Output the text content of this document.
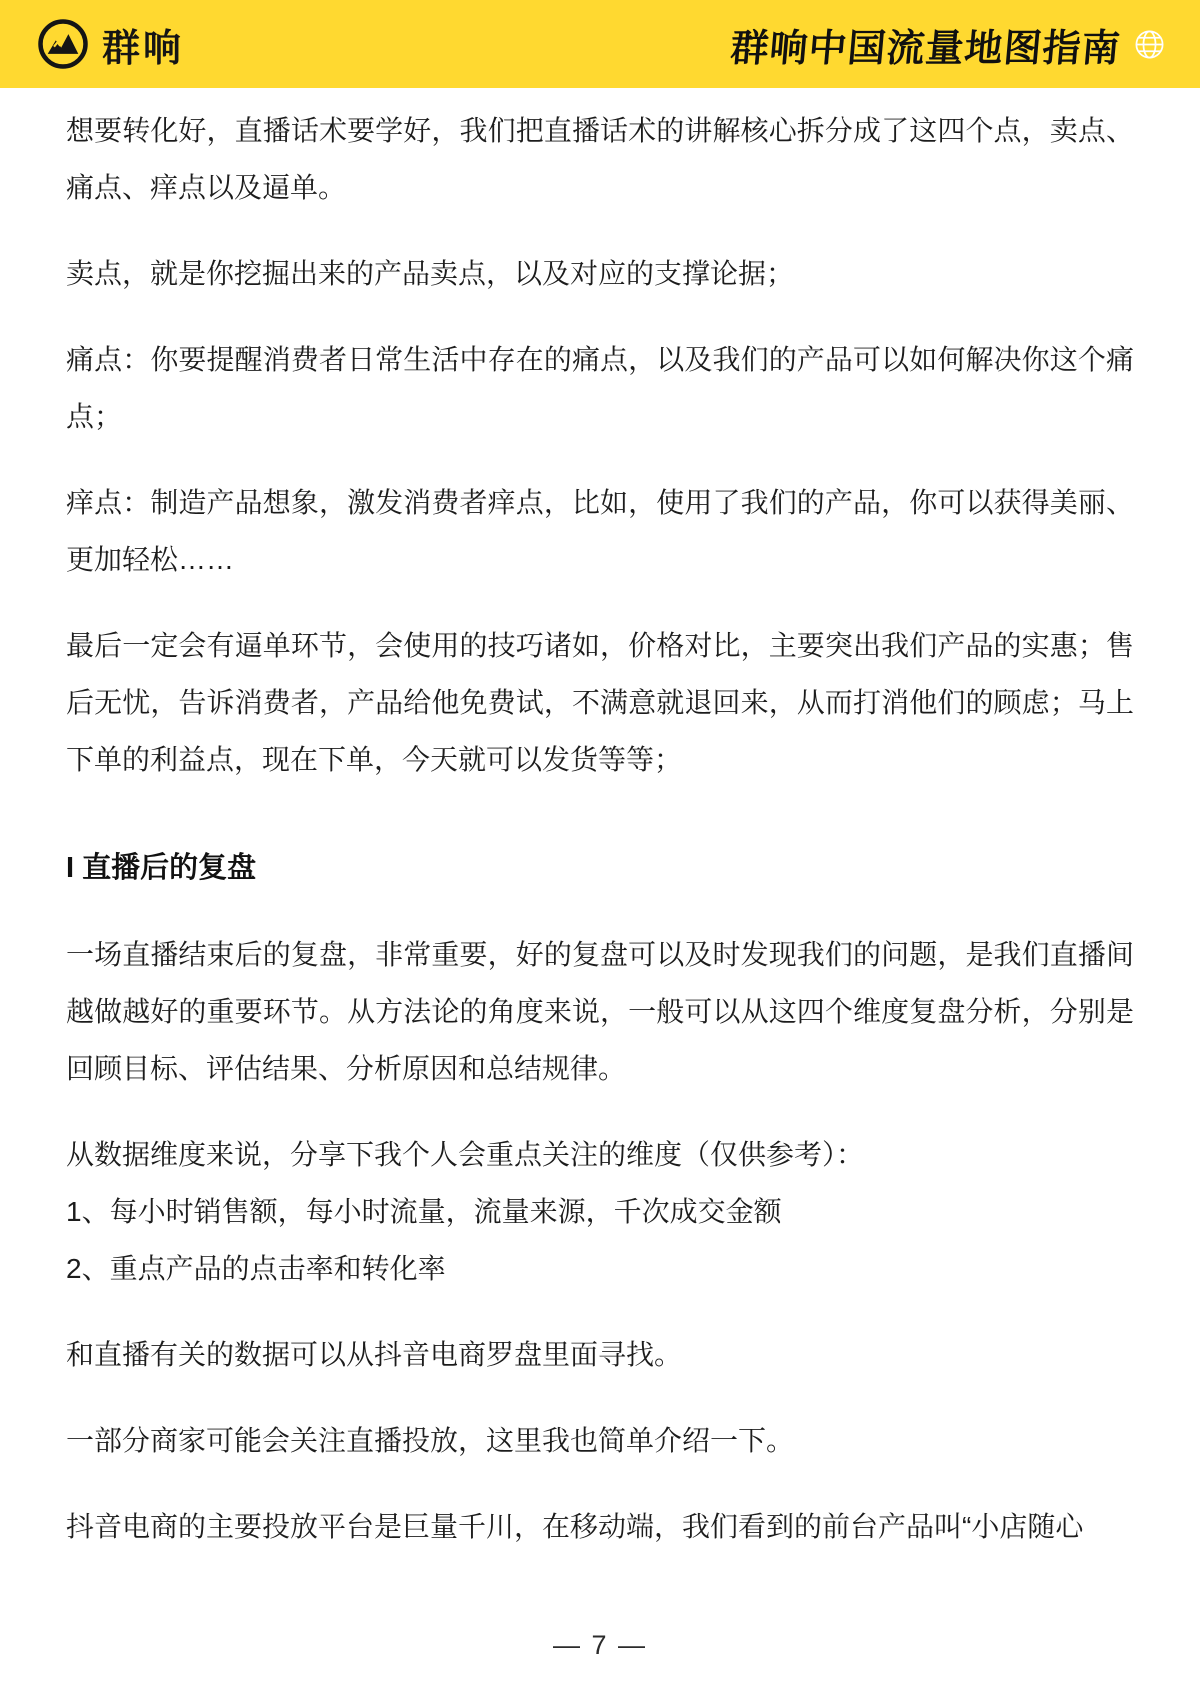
群响	群响中国流量地图指南

想要转化好，直播话术要学好，我们把直播话术的讲解核心拆分成了这四个点，卖点、痛点、痒点以及逼单。

卖点，就是你挖掘出来的产品卖点，以及对应的支撑论据；

痛点：你要提醒消费者日常生活中存在的痛点，以及我们的产品可以如何解决你这个痛点；

痒点：制造产品想象，激发消费者痒点，比如，使用了我们的产品，你可以获得美丽、更加轻松……

最后一定会有逼单环节，会使用的技巧诸如，价格对比，主要突出我们产品的实惠；售后无忧，告诉消费者，产品给他免费试，不满意就退回来，从而打消他们的顾虑；马上下单的利益点，现在下单，今天就可以发货等等；

I 直播后的复盘

一场直播结束后的复盘，非常重要，好的复盘可以及时发现我们的问题，是我们直播间越做越好的重要环节。从方法论的角度来说，一般可以从这四个维度复盘分析，分别是回顾目标、评估结果、分析原因和总结规律。

从数据维度来说，分享下我个人会重点关注的维度（仅供参考）：
1、每小时销售额，每小时流量，流量来源，千次成交金额
2、重点产品的点击率和转化率

和直播有关的数据可以从抖音电商罗盘里面寻找。

一部分商家可能会关注直播投放，这里我也简单介绍一下。

抖音电商的主要投放平台是巨量千川，在移动端，我们看到的前台产品叫“小店随心

— 7 —
